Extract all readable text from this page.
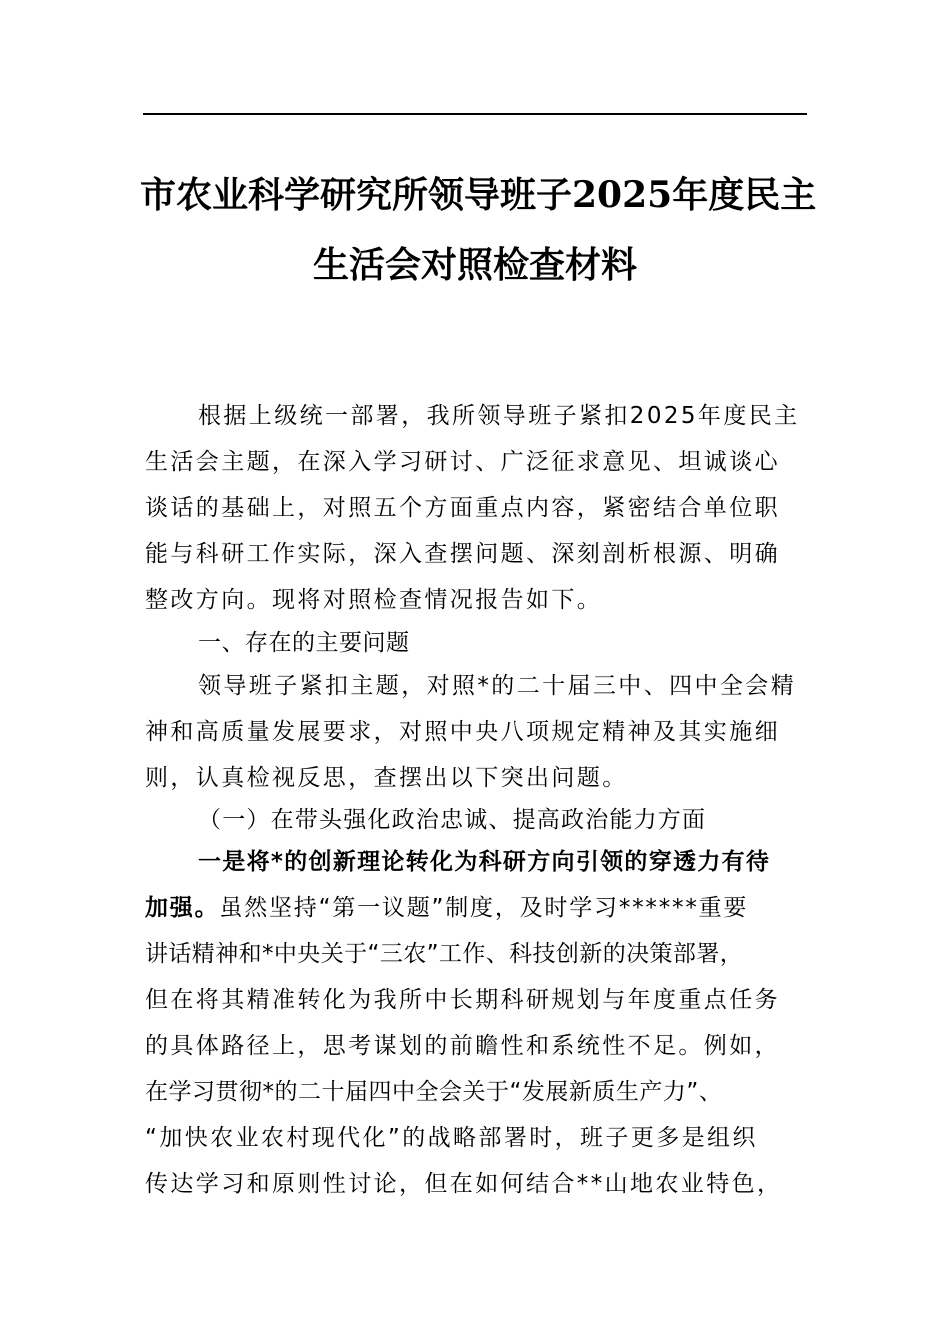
市农业科学研究所领导班子2025年度民主
生活会对照检查材料
根据上级统一部署，我所领导班子紧扣2025年度民主
生活会主题，在深入学习研讨、广泛征求意见、坦诚谈心
谈话的基础上，对照五个方面重点内容，紧密结合单位职
能与科研工作实际，深入查摆问题、深刻剖析根源、明确
整改方向。现将对照检查情况报告如下。
一、存在的主要问题
领导班子紧扣主题，对照*的二十届三中、四中全会精
神和高质量发展要求，对照中央八项规定精神及其实施细
则，认真检视反思，查摆出以下突出问题。
（一）在带头强化政治忠诚、提高政治能力方面
一是将*的创新理论转化为科研方向引领的穿透力有待
加强。虽然坚持“第一议题”制度，及时学习******重要
讲话精神和*中央关于“三农”工作、科技创新的决策部署，
但在将其精准转化为我所中长期科研规划与年度重点任务
的具体路径上，思考谋划的前瞻性和系统性不足。例如，
在学习贯彻*的二十届四中全会关于“发展新质生产力”、
“加快农业农村现代化”的战略部署时，班子更多是组织
传达学习和原则性讨论，但在如何结合**山地农业特色，
